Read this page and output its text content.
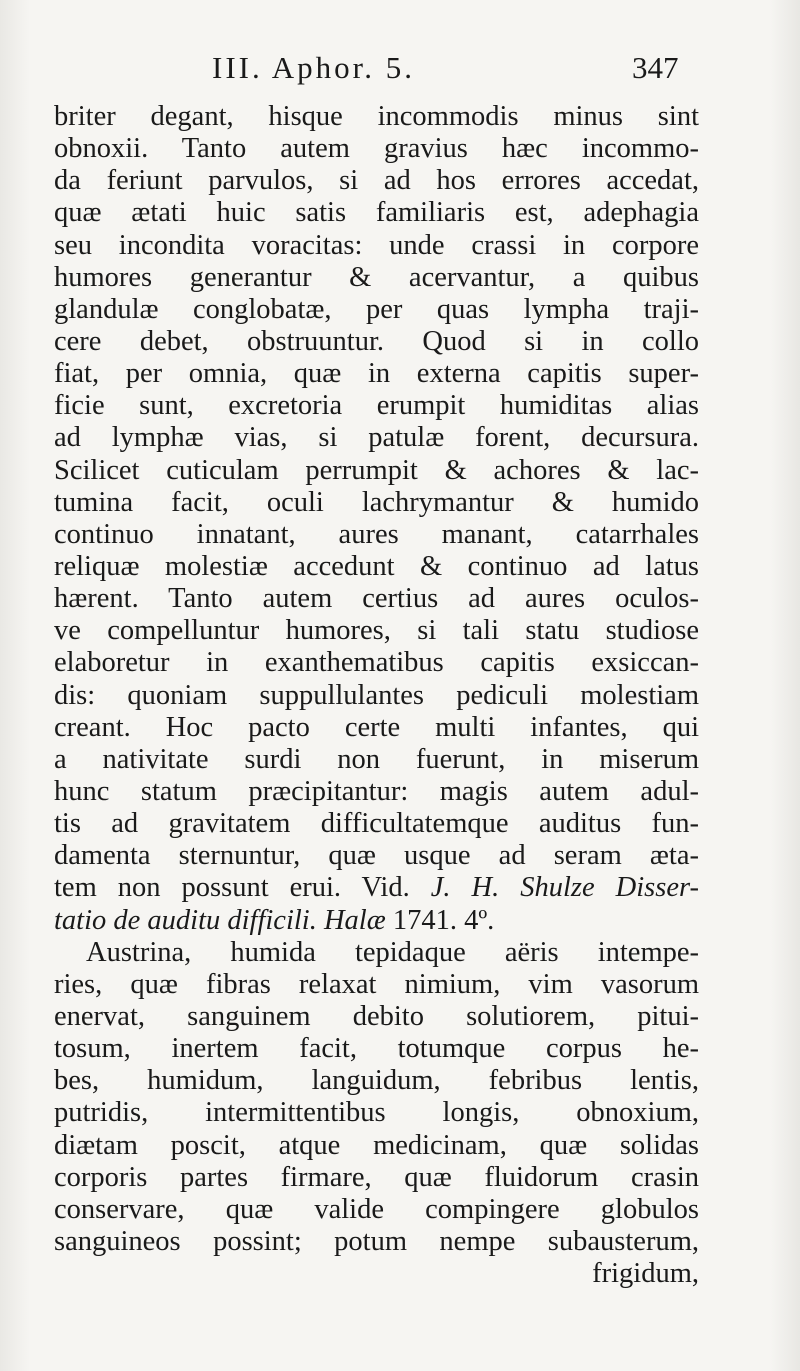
III. Aphor. 5.	347
briter degant, hisque incommodis minus sint
obnoxii. Tanto autem gravius hæc incommo-
da feriunt parvulos, si ad hos errores accedat,
quæ ætati huic satis familiaris est, adephagia
seu incondita voracitas: unde crassi in corpore
humores generantur & acervantur, a quibus
glandulæ conglobatæ, per quas lympha traji-
cere debet, obstruuntur. Quod si in collo
fiat, per omnia, quæ in externa capitis super-
ficie sunt, excretoria erumpit humiditas alias
ad lymphæ vias, si patulæ forent, decursura.
Scilicet cuticulam perrumpit & achores & lac-
tumina facit, oculi lachrymantur & humido
continuo innatant, aures manant, catarrhales
reliquæ molestiæ accedunt & continuo ad latus
hærent. Tanto autem certius ad aures oculos-
ve compelluntur humores, si tali statu studiose
elaboretur in exanthematibus capitis exsiccan-
dis: quoniam suppullulantes pediculi molestiam
creant. Hoc pacto certe multi infantes, qui
a nativitate surdi non fuerunt, in miserum
hunc statum præcipitantur: magis autem adul-
tis ad gravitatem difficultatemque auditus fun-
damenta sternuntur, quæ usque ad seram æta-
tem non possunt erui. Vid. J. H. Shulze Disser-
tatio de auditu difficili. Halæ 1741. 4º.
Austrina, humida tepidaque aëris intempe-
ries, quæ fibras relaxat nimium, vim vasorum
enervat, sanguinem debito solutiorem, pitui-
tosum, inertem facit, totumque corpus he-
bes, humidum, languidum, febribus lentis,
putridis, intermittentibus longis, obnoxium,
diætam poscit, atque medicinam, quæ solidas
corporis partes firmare, quæ fluidorum crasin
conservare, quæ valide compingere globulos
sanguineos possint; potum nempe subausterum,
frigidum,
